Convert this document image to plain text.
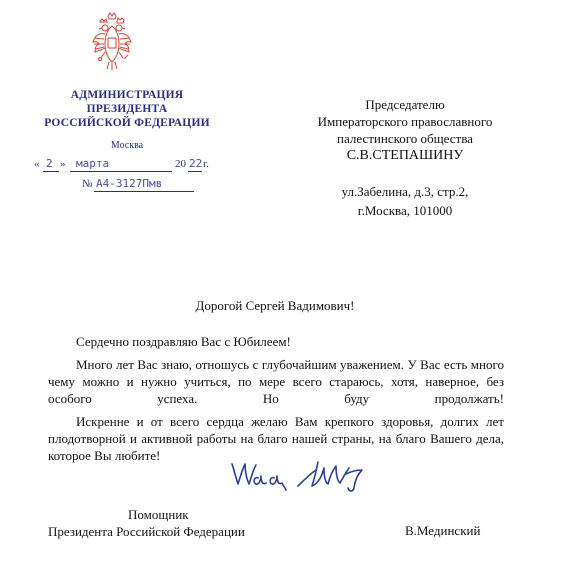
АДМИНИСТРАЦИЯ
ПРЕЗИДЕНТА
РОССИЙСКОЙ ФЕДЕРАЦИИ
Москва
« 2 » марта	20 22 г.
№ А4-3127Пмв
Председателю
Императорского православного
палестинского общества
С.В.СТЕПАШИНУ
ул.Забелина, д.3, стр.2,
г.Москва, 101000
Дорогой Сергей Вадимович!

Сердечно поздравляю Вас с Юбилеем!

Много лет Вас знаю, отношусь с глубочайшим уважением. У Вас есть много чему можно и нужно учиться, по мере всего стараюсь, хотя, наверное, без особого успеха. Но буду продолжать!

Искренне и от всего сердца желаю Вам крепкого здоровья, долгих лет плодотворной и активной работы на благо нашей страны, на благо Вашего дела, которое Вы любите!

Помощник
Президента Российской Федерации	В.Мединский
